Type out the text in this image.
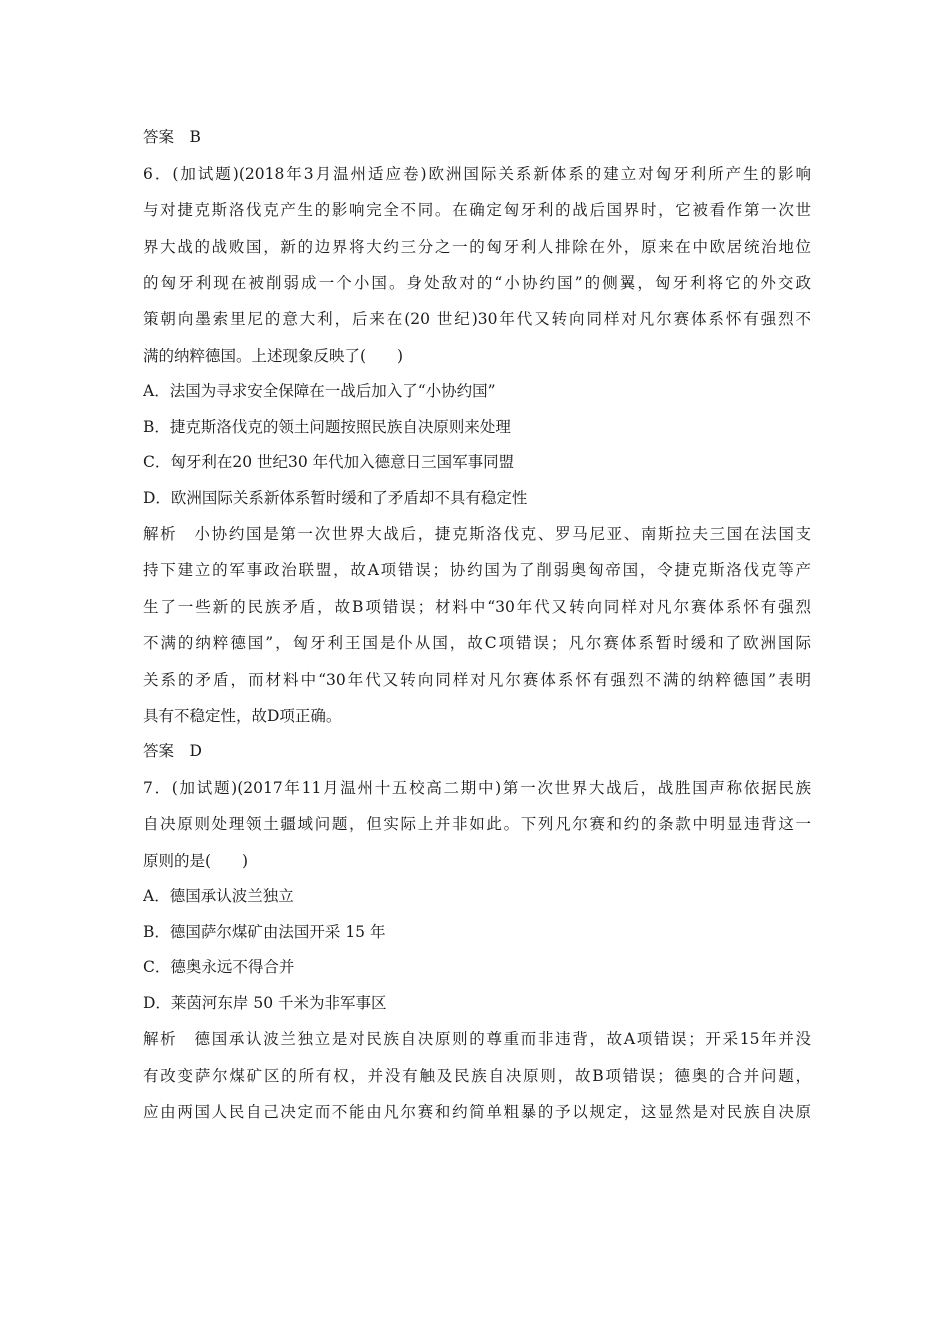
答案　B
6．(加试题)(2018年3月温州适应卷)欧洲国际关系新体系的建立对匈牙利所产生的影响
与对捷克斯洛伐克产生的影响完全不同。在确定匈牙利的战后国界时，它被看作第一次世
界大战的战败国，新的边界将大约三分之一的匈牙利人排除在外，原来在中欧居统治地位
的匈牙利现在被削弱成一个小国。身处敌对的“小协约国”的侧翼，匈牙利将它的外交政
策朝向墨索里尼的意大利，后来在(20 世纪)30年代又转向同样对凡尔赛体系怀有强烈不
满的纳粹德国。上述现象反映了(　　)
A．法国为寻求安全保障在一战后加入了“小协约国”
B．捷克斯洛伐克的领土问题按照民族自决原则来处理
C．匈牙利在20 世纪30 年代加入德意日三国军事同盟
D．欧洲国际关系新体系暂时缓和了矛盾却不具有稳定性
解析　小协约国是第一次世界大战后，捷克斯洛伐克、罗马尼亚、南斯拉夫三国在法国支
持下建立的军事政治联盟，故A项错误；协约国为了削弱奥匈帝国，令捷克斯洛伐克等产
生了一些新的民族矛盾，故B项错误；材料中“30年代又转向同样对凡尔赛体系怀有强烈
不满的纳粹德国”，匈牙利王国是仆从国，故C项错误；凡尔赛体系暂时缓和了欧洲国际
关系的矛盾，而材料中“30年代又转向同样对凡尔赛体系怀有强烈不满的纳粹德国”表明
具有不稳定性，故D项正确。
答案　D
7．(加试题)(2017年11月温州十五校高二期中)第一次世界大战后，战胜国声称依据民族
自决原则处理领土疆域问题，但实际上并非如此。下列凡尔赛和约的条款中明显违背这一
原则的是(　　)
A．德国承认波兰独立
B．德国萨尔煤矿由法国开采 15 年
C．德奥永远不得合并
D．莱茵河东岸 50 千米为非军事区
解析　德国承认波兰独立是对民族自决原则的尊重而非违背，故A项错误；开采15年并没
有改变萨尔煤矿区的所有权，并没有触及民族自决原则，故B项错误；德奥的合并问题，
应由两国人民自己决定而不能由凡尔赛和约简单粗暴的予以规定，这显然是对民族自决原
